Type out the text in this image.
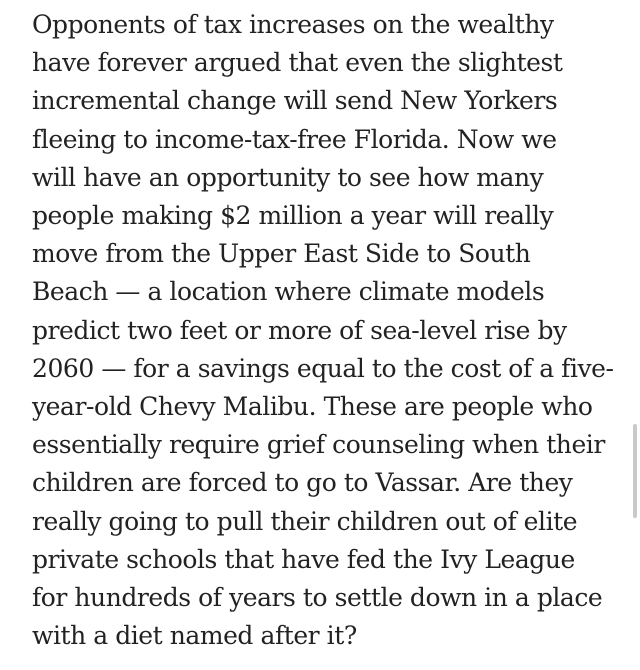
Opponents of tax increases on the wealthy
have forever argued that even the slightest
incremental change will send New Yorkers
fleeing to income-tax-free Florida. Now we
will have an opportunity to see how many
people making $2 million a year will really
move from the Upper East Side to South
Beach — a location where climate models
predict two feet or more of sea-level rise by
2060 — for a savings equal to the cost of a five-
year-old Chevy Malibu. These are people who
essentially require grief counseling when their
children are forced to go to Vassar. Are they
really going to pull their children out of elite
private schools that have fed the Ivy League
for hundreds of years to settle down in a place
with a diet named after it?
